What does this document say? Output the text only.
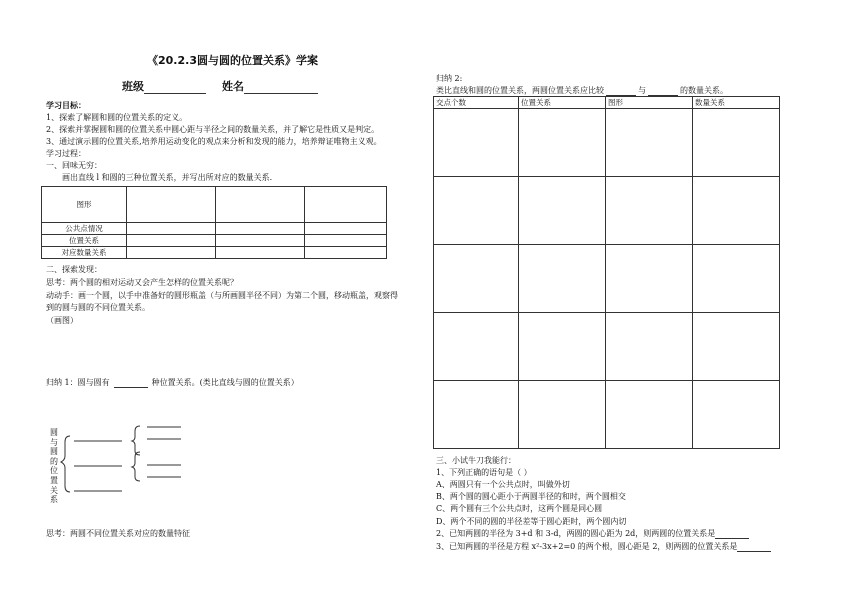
《20.2.3圆与圆的位置关系》学案
班级	姓名
学习目标：
1、探索了解圆和圆的位置关系的定义。
2、探索并掌握圆和圆的位置关系中圆心距与半径之间的数量关系，并了解它是性质又是判定。
3、通过演示圆的位置关系,培养用运动变化的观点来分析和发现的能力，培养辩证唯物主义观。
学习过程：
一、回味无穷：
画出直线 l 和圆的三种位置关系，并写出所对应的数量关系.
图形			
公共点情况			
位置关系			
对应数量关系			
二、探索发现：
思考：两个圆的相对运动又会产生怎样的位置关系呢？
动动手：画一个圆，以手中准备好的圆形瓶盖（与所画圆半径不同）为第二个圆，移动瓶盖，观察得
到的圆与圆的不同位置关系。
（画图）
归纳 1：圆与圆有	种位置关系。(类比直线与圆的位置关系）
圆与圆的位置关系
思考：两圆不同位置关系对应的数量特征
归纳 2:
类比直线和圆的位置关系，两圆位置关系应比较	与	的数量关系。
交点个数	位置关系	图形	数量关系

三、小试牛刀我能行：
1、下列正确的语句是（ ）
A、两圆只有一个公共点时，叫做外切
B、两个圆的圆心距小于两圆半径的和时，两个圆相交
C、两个圆有三个公共点时，这两个圆是同心圆
D、两个不同的圆的半径差等于圆心距时，两个圆内切
2、已知两圆的半径为 3+d 和 3-d，两圆的圆心距为 2d，则两圆的位置关系是
3、已知两圆的半径是方程 x²-3x+2=0 的两个根，圆心距是 2，则两圆的位置关系是
